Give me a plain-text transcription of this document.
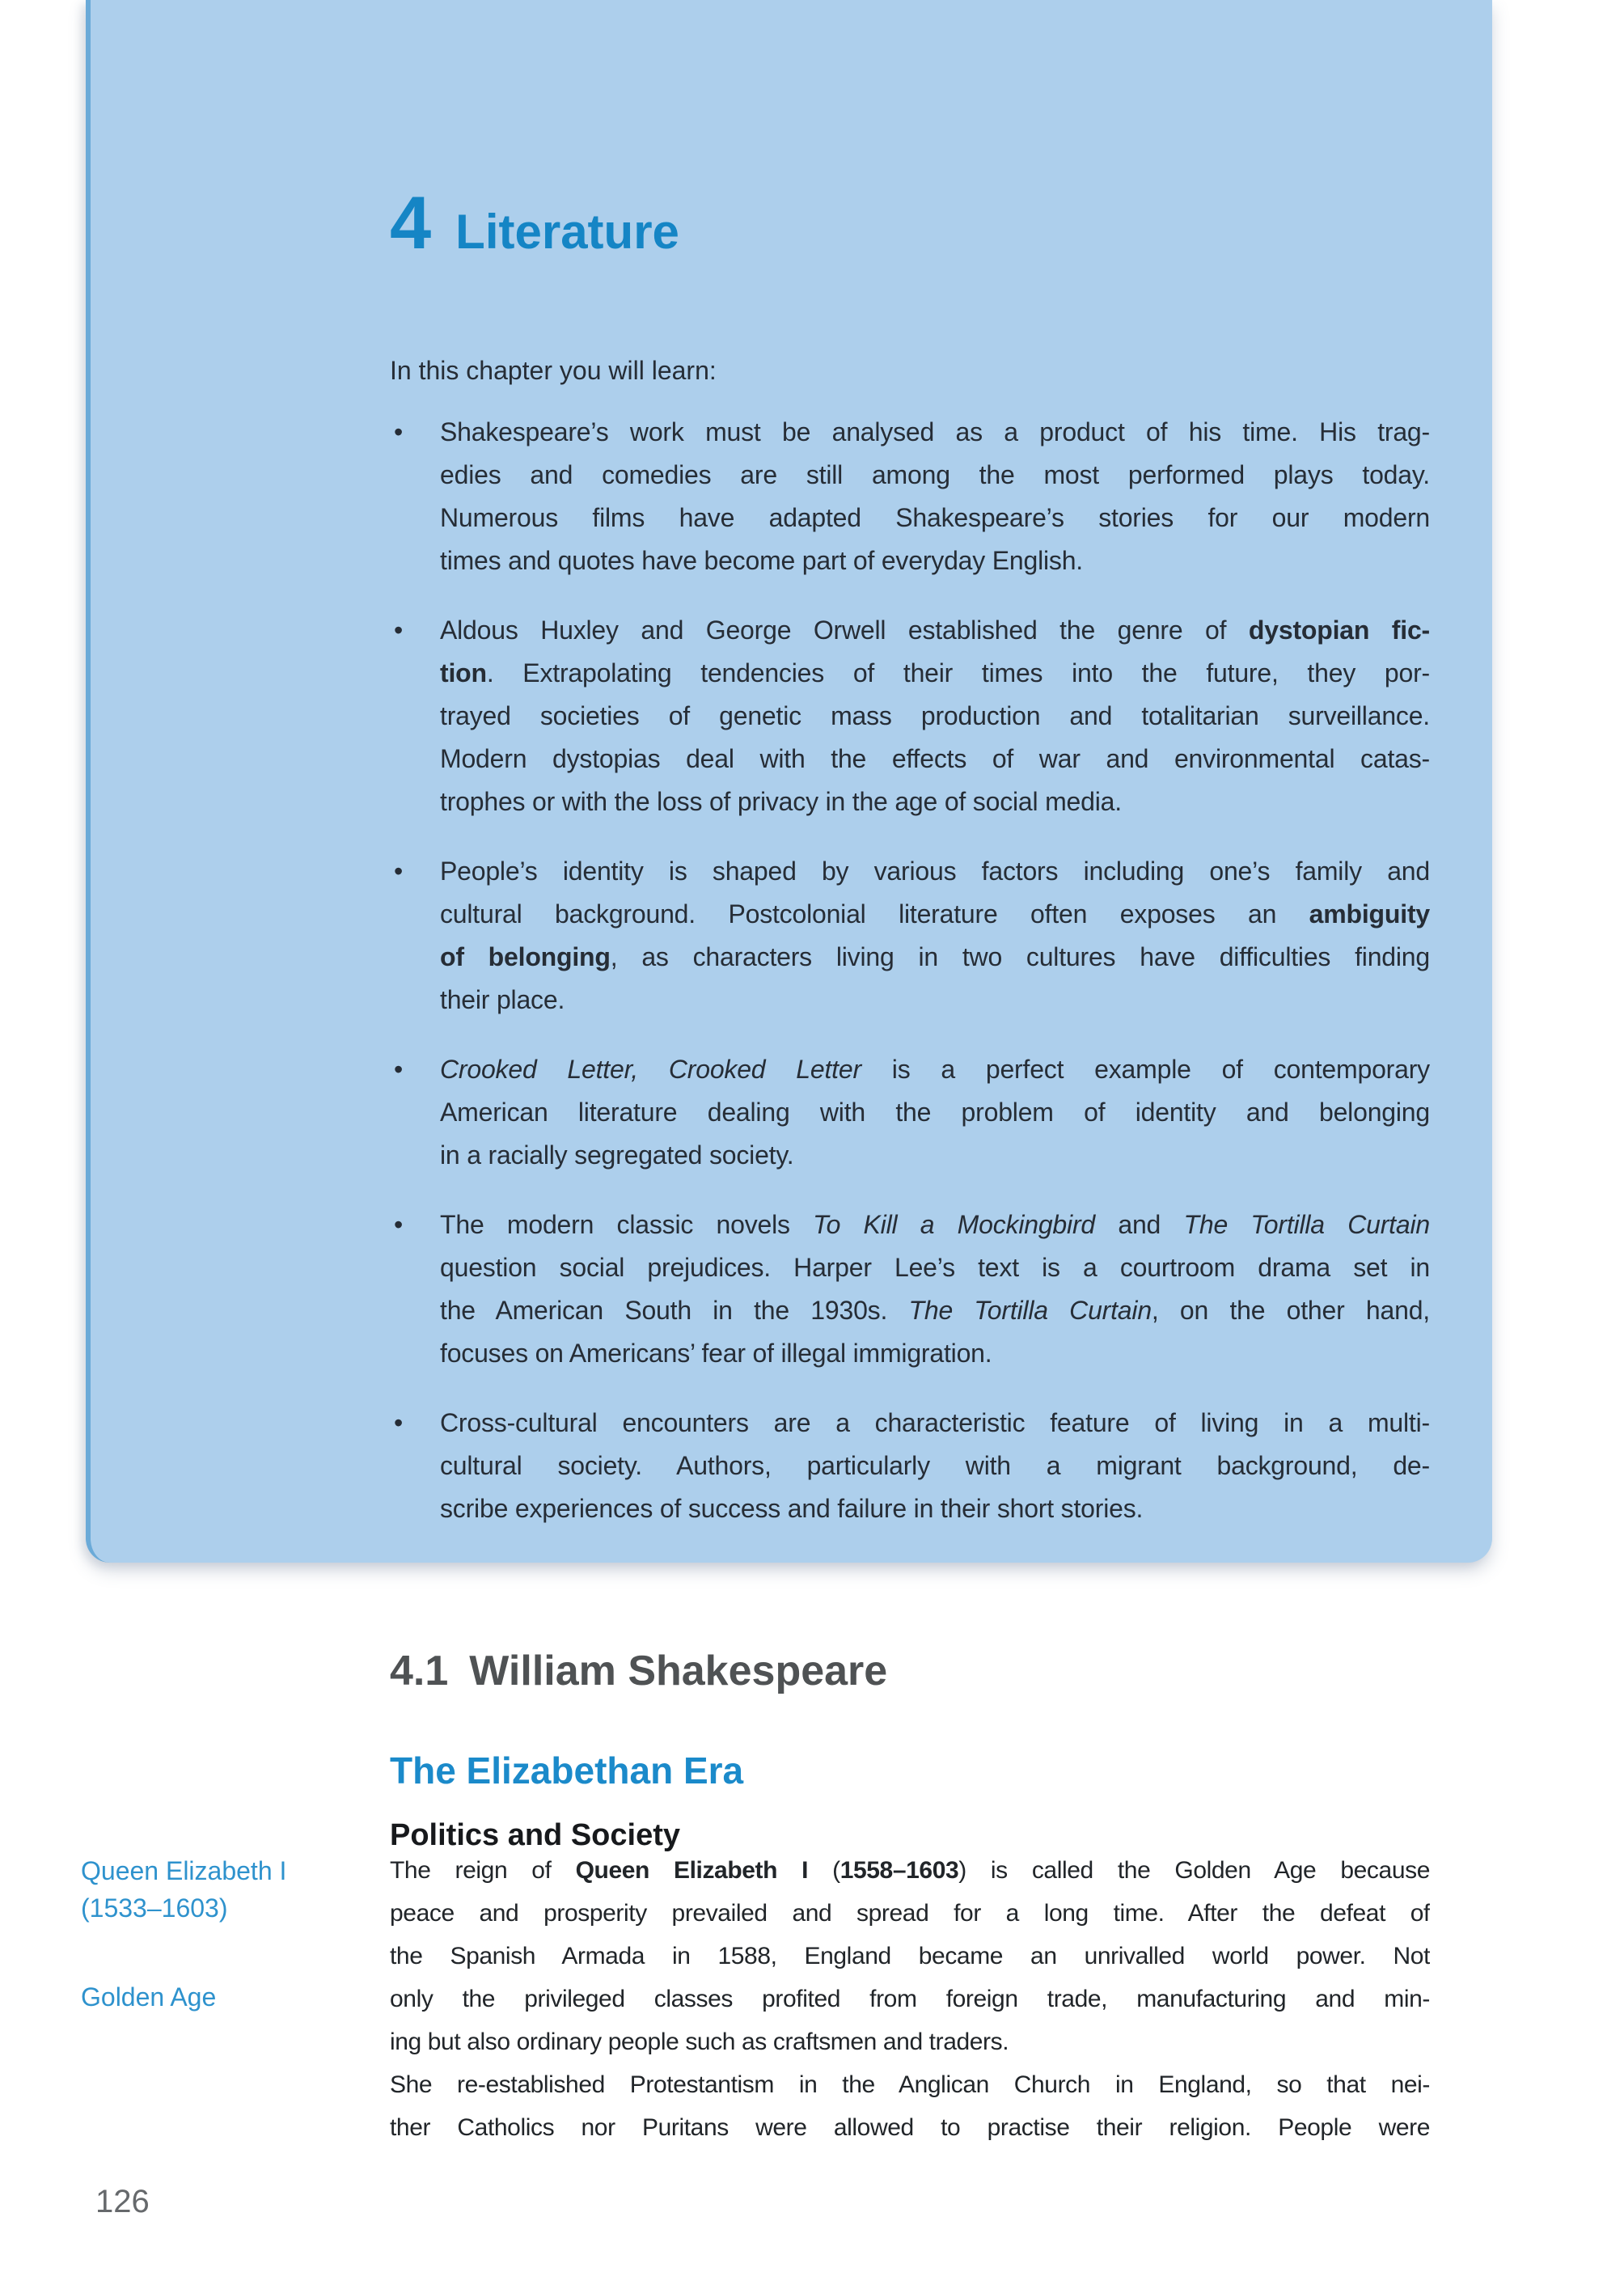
4 Literature
In this chapter you will learn:
• Shakespeare’s work must be analysed as a product of his time. His trag-
edies and comedies are still among the most performed plays today.
Numerous films have adapted Shakespeare’s stories for our modern
times and quotes have become part of everyday English.
• Aldous Huxley and George Orwell established the genre of dystopian fic-
tion. Extrapolating tendencies of their times into the future, they por-
trayed societies of genetic mass production and totalitarian surveillance.
Modern dystopias deal with the effects of war and environmental catas-
trophes or with the loss of privacy in the age of social media.
• People’s identity is shaped by various factors including one’s family and
cultural background. Postcolonial literature often exposes an ambiguity
of belonging, as characters living in two cultures have difficulties finding
their place.
• Crooked Letter, Crooked Letter is a perfect example of contemporary
American literature dealing with the problem of identity and belonging
in a racially segregated society.
• The modern classic novels To Kill a Mockingbird and The Tortilla Curtain
question social prejudices. Harper Lee’s text is a courtroom drama set in
the American South in the 1930s. The Tortilla Curtain, on the other hand,
focuses on Americans’ fear of illegal immigration.
• Cross-cultural encounters are a characteristic feature of living in a multi-
cultural society. Authors, particularly with a migrant background, de-
scribe experiences of success and failure in their short stories.
4.1 William Shakespeare
The Elizabethan Era
Politics and Society
The reign of Queen Elizabeth I (1558–1603) is called the Golden Age because
peace and prosperity prevailed and spread for a long time. After the defeat of
the Spanish Armada in 1588, England became an unrivalled world power. Not
only the privileged classes profited from foreign trade, manufacturing and min-
ing but also ordinary people such as craftsmen and traders.
She re-established Protestantism in the Anglican Church in England, so that nei-
ther Catholics nor Puritans were allowed to practise their religion. People were
Queen Elizabeth I
(1533–1603)
Golden Age
126
